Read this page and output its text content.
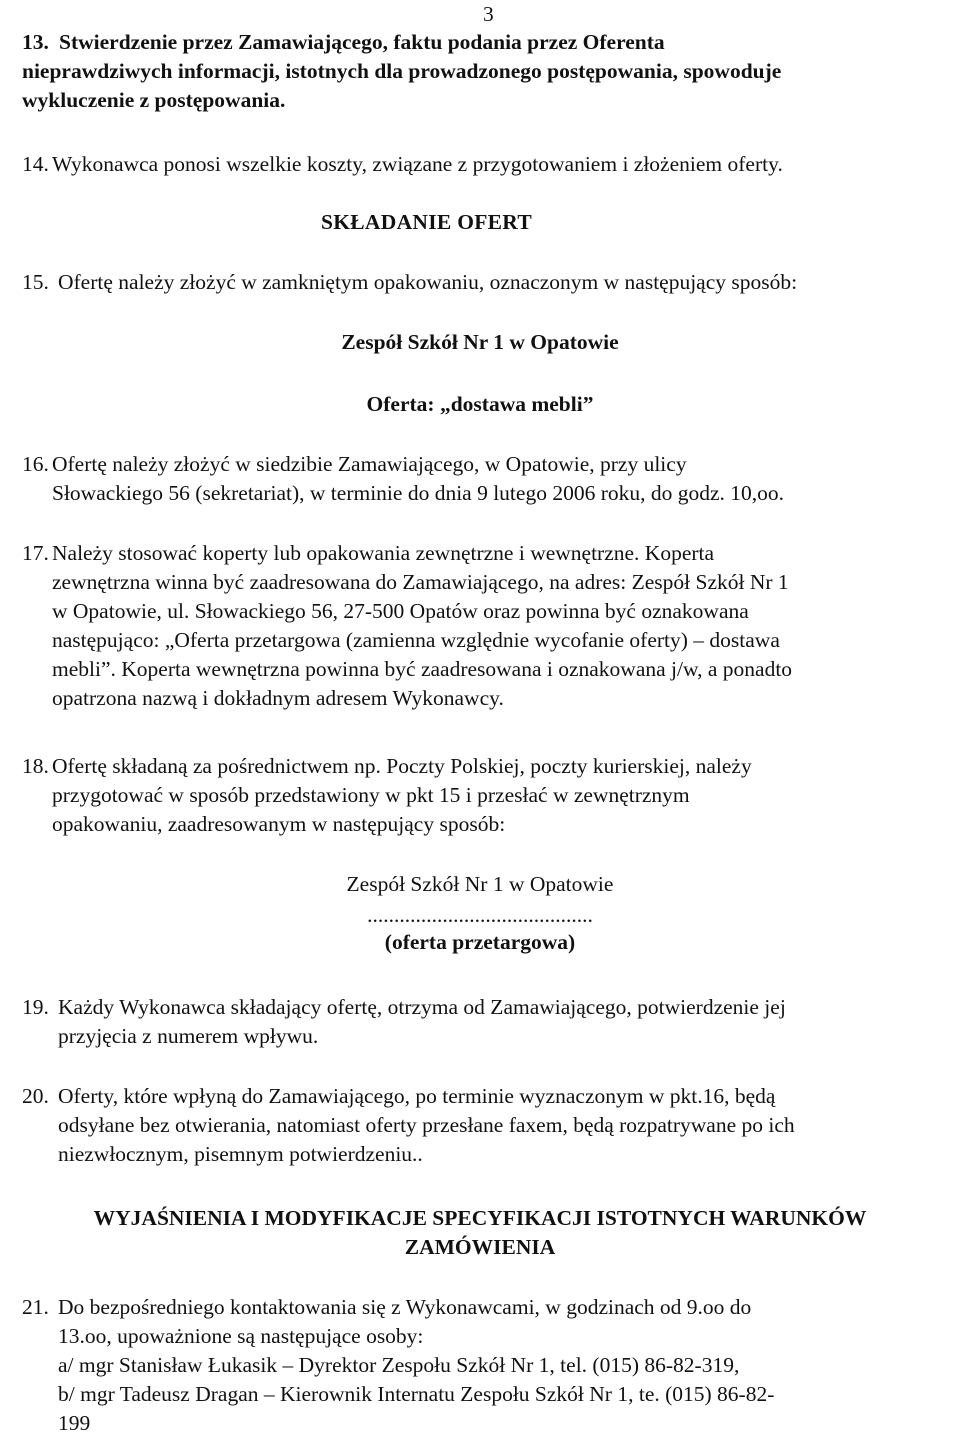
3
13. Stwierdzenie przez Zamawiającego, faktu podania przez Oferenta
nieprawdziwych informacji, istotnych dla prowadzonego postępowania, spowoduje
wykluczenie z postępowania.
14. Wykonawca ponosi wszelkie koszty, związane z przygotowaniem i złożeniem oferty.
SKŁADANIE OFERT
15. Ofertę należy złożyć w zamkniętym opakowaniu, oznaczonym w następujący sposób:
Zespół Szkół Nr 1 w Opatowie
Oferta: „dostawa mebli”
16. Ofertę należy złożyć w siedzibie Zamawiającego, w Opatowie, przy ulicy
Słowackiego 56 (sekretariat), w terminie do dnia 9 lutego 2006 roku, do godz. 10,oo.
17. Należy stosować koperty lub opakowania zewnętrzne i wewnętrzne. Koperta
zewnętrzna winna być zaadresowana do Zamawiającego, na adres: Zespół Szkół Nr 1
w Opatowie, ul. Słowackiego 56, 27-500 Opatów oraz powinna być oznakowana
następująco: „Oferta przetargowa (zamienna względnie wycofanie oferty) – dostawa
mebli”. Koperta wewnętrzna powinna być zaadresowana i oznakowana j/w, a ponadto
opatrzona nazwą i dokładnym adresem Wykonawcy.
18. Ofertę składaną za pośrednictwem np. Poczty Polskiej, poczty kurierskiej, należy
przygotować w sposób przedstawiony w pkt 15 i przesłać w zewnętrznym
opakowaniu, zaadresowanym w następujący sposób:
Zespół Szkół Nr 1 w Opatowie
..........................................
(oferta przetargowa)
19. Każdy Wykonawca składający ofertę, otrzyma od Zamawiającego, potwierdzenie jej
przyjęcia z numerem wpływu.
20. Oferty, które wpłyną do Zamawiającego, po terminie wyznaczonym w pkt.16, będą
odsyłane bez otwierania, natomiast oferty przesłane faxem, będą rozpatrywane po ich
niezwłocznym, pisemnym potwierdzeniu..
WYJAŚNIENIA I MODYFIKACJE SPECYFIKACJI ISTOTNYCH WARUNKÓW
ZAMÓWIENIA
21. Do bezpośredniego kontaktowania się z Wykonawcami, w godzinach od 9.oo do
13.oo, upoważnione są następujące osoby:
a/ mgr Stanisław Łukasik – Dyrektor Zespołu Szkół Nr 1, tel. (015) 86-82-319,
b/ mgr Tadeusz Dragan – Kierownik Internatu Zespołu Szkół Nr 1, te. (015) 86-82-
199
